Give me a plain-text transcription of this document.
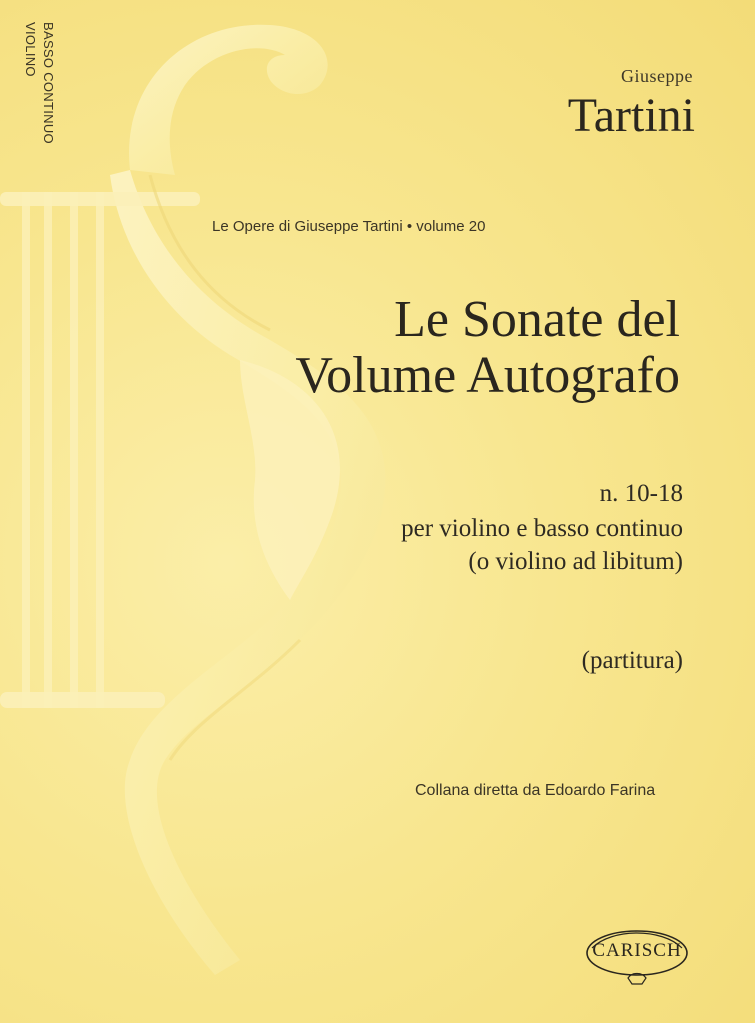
VIOLINO BASSO CONTINUO	Giuseppe
Tartini
Le Opere di Giuseppe Tartini • volume 20
Le Sonate del
Volume Autografo
n. 10-18
per violino e basso continuo
(o violino ad libitum)
(partitura)
Collana diretta da Edoardo Farina
CARISCH
